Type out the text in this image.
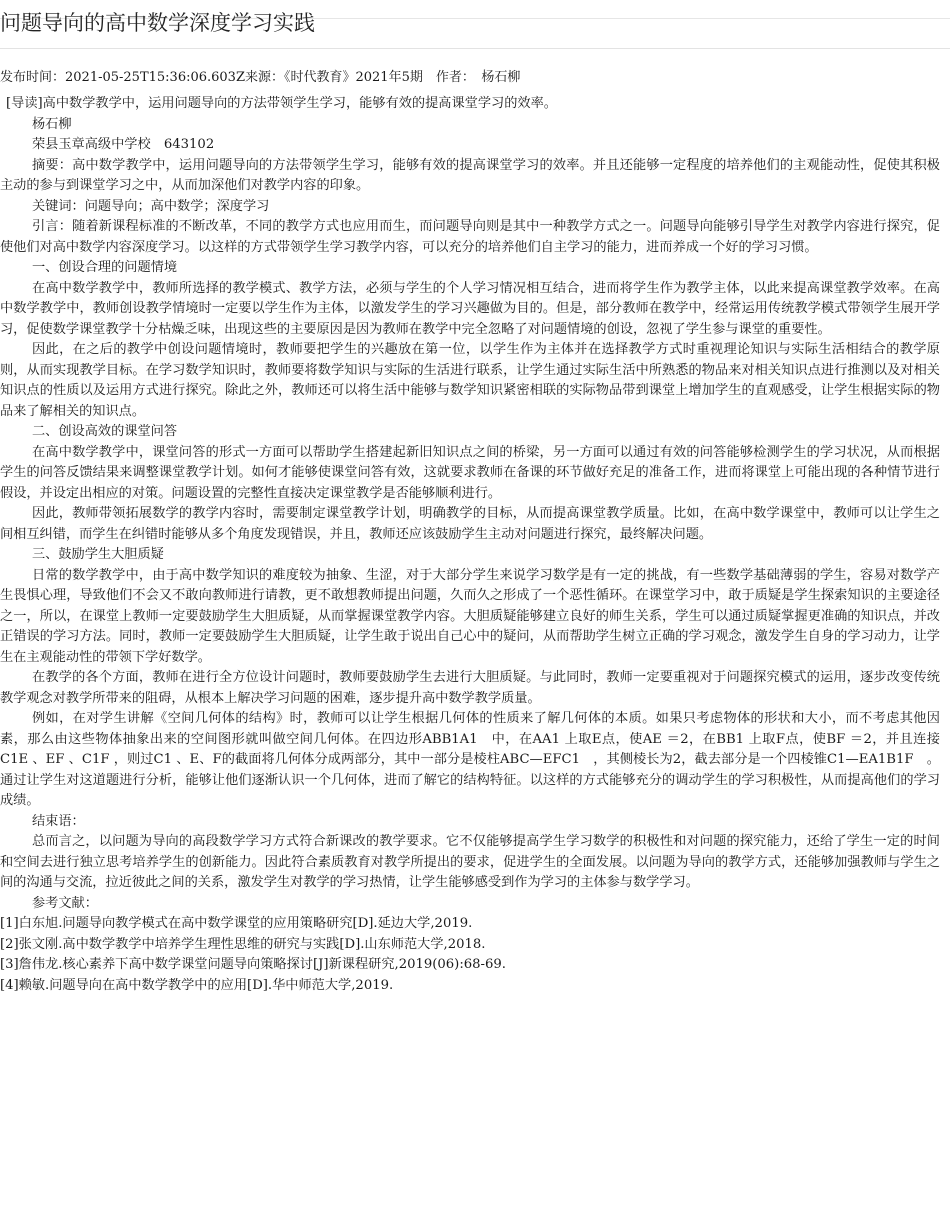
问题导向的高中数学深度学习实践
发布时间：2021-05-25T15:36:06.603Z来源：《时代教育》2021年5期　作者：　杨石柳

[导读]高中数学教学中，运用问题导向的方法带领学生学习，能够有效的提高课堂学习的效率。

杨石柳

荣县玉章高级中学校　643102

摘要：高中数学教学中，运用问题导向的方法带领学生学习，能够有效的提高课堂学习的效率。并且还能够一定程度的培养他们的主观能动性，促使其积极主动的参与到课堂学习之中，从而加深他们对教学内容的印象。

关键词：问题导向；高中数学；深度学习

引言：随着新课程标准的不断改革，不同的教学方式也应用而生，而问题导向则是其中一种教学方式之一。问题导向能够引导学生对教学内容进行探究，促使他们对高中数学内容深度学习。以这样的方式带领学生学习教学内容，可以充分的培养他们自主学习的能力，进而养成一个好的学习习惯。

一、创设合理的问题情境

在高中数学教学中，教师所选择的教学模式、教学方法，必须与学生的个人学习情况相互结合，进而将学生作为教学主体，以此来提高课堂教学效率。在高中数学教学中，教师创设教学情境时一定要以学生作为主体，以激发学生的学习兴趣做为目的。但是，部分教师在教学中，经常运用传统教学模式带领学生展开学习，促使数学课堂教学十分枯燥乏味，出现这些的主要原因是因为教师在教学中完全忽略了对问题情境的创设，忽视了学生参与课堂的重要性。

因此，在之后的教学中创设问题情境时，教师要把学生的兴趣放在第一位，以学生作为主体并在选择教学方式时重视理论知识与实际生活相结合的教学原则，从而实现教学目标。在学习数学知识时，教师要将数学知识与实际的生活进行联系，让学生通过实际生活中所熟悉的物品来对相关知识点进行推测以及对相关知识点的性质以及运用方式进行探究。除此之外，教师还可以将生活中能够与数学知识紧密相联的实际物品带到课堂上增加学生的直观感受，让学生根据实际的物品来了解相关的知识点。

二、创设高效的课堂问答

在高中数学教学中，课堂问答的形式一方面可以帮助学生搭建起新旧知识点之间的桥梁，另一方面可以通过有效的问答能够检测学生的学习状况，从而根据学生的问答反馈结果来调整课堂教学计划。如何才能够使课堂问答有效，这就要求教师在备课的环节做好充足的准备工作，进而将课堂上可能出现的各种情节进行假设，并设定出相应的对策。问题设置的完整性直接决定课堂教学是否能够顺利进行。

因此，教师带领拓展数学的教学内容时，需要制定课堂教学计划，明确教学的目标，从而提高课堂教学质量。比如，在高中数学课堂中，教师可以让学生之间相互纠错，而学生在纠错时能够从多个角度发现错误，并且，教师还应该鼓励学生主动对问题进行探究，最终解决问题。

三、鼓励学生大胆质疑

日常的数学教学中，由于高中数学知识的难度较为抽象、生涩，对于大部分学生来说学习数学是有一定的挑战，有一些数学基础薄弱的学生，容易对数学产生畏惧心理，导致他们不会又不敢向教师进行请教，更不敢想教师提出问题，久而久之形成了一个恶性循环。在课堂学习中，敢于质疑是学生探索知识的主要途径之一，所以，在课堂上教师一定要鼓励学生大胆质疑，从而掌握课堂教学内容。大胆质疑能够建立良好的师生关系，学生可以通过质疑掌握更准确的知识点，并改正错误的学习方法。同时，教师一定要鼓励学生大胆质疑，让学生敢于说出自己心中的疑问，从而帮助学生树立正确的学习观念，激发学生自身的学习动力，让学生在主观能动性的带领下学好数学。

在教学的各个方面，教师在进行全方位设计问题时，教师要鼓励学生去进行大胆质疑。与此同时，教师一定要重视对于问题探究模式的运用，逐步改变传统教学观念对教学所带来的阻碍，从根本上解决学习问题的困难，逐步提升高中数学教学质量。

例如，在对学生讲解《空间几何体的结构》时，教师可以让学生根据几何体的性质来了解几何体的本质。如果只考虑物体的形状和大小，而不考虑其他因素，那么由这些物体抽象出来的空间图形就叫做空间几何体。在四边形ABB1A1　中，在AA1 上取E点，使AE ＝2，在BB1 上取F点，使BF ＝2，并且连接C1E 、EF 、C1F ，则过C1 、E、F的截面将几何体分成两部分，其中一部分是棱柱ABC—EFC1　，其侧棱长为2，截去部分是一个四棱锥C1—EA1B1F　。通过让学生对这道题进行分析，能够让他们逐渐认识一个几何体，进而了解它的结构特征。以这样的方式能够充分的调动学生的学习积极性，从而提高他们的学习成绩。

结束语：

总而言之，以问题为导向的高段数学学习方式符合新课改的教学要求。它不仅能够提高学生学习数学的积极性和对问题的探究能力，还给了学生一定的时间和空间去进行独立思考培养学生的创新能力。因此符合素质教育对教学所提出的要求，促进学生的全面发展。以问题为导向的教学方式，还能够加强教师与学生之间的沟通与交流，拉近彼此之间的关系，激发学生对教学的学习热情，让学生能够感受到作为学习的主体参与数学学习。

参考文献：

[1]白东旭.问题导向教学模式在高中数学课堂的应用策略研究[D].延边大学,2019.

[2]张文刚.高中数学教学中培养学生理性思维的研究与实践[D].山东师范大学,2018.

[3]詹伟龙.核心素养下高中数学课堂问题导向策略探讨[J]新课程研究,2019(06):68-69.

[4]赖敏.问题导向在高中数学教学中的应用[D].华中师范大学,2019.
